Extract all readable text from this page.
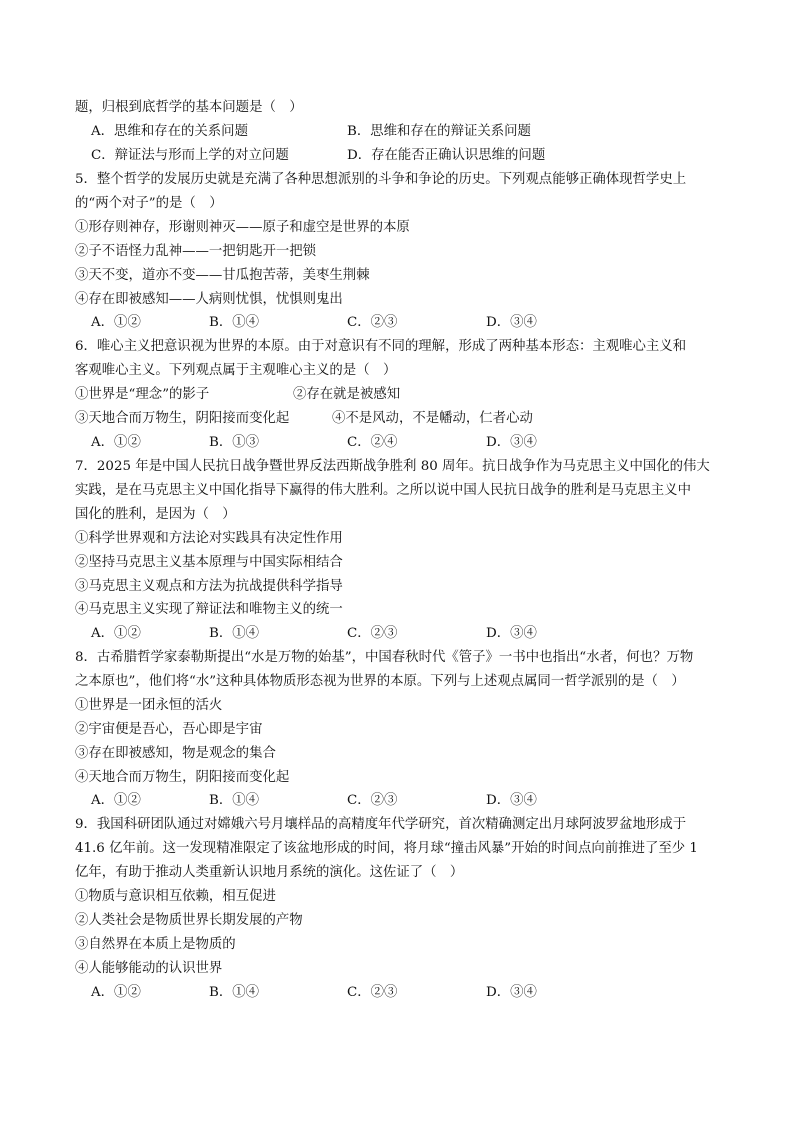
题，归根到底哲学的基本问题是（　）
A．思维和存在的关系问题	B．思维和存在的辩证关系问题
C．辩证法与形而上学的对立问题	D．存在能否正确认识思维的问题
5．整个哲学的发展历史就是充满了各种思想派别的斗争和争论的历史。下列观点能够正确体现哲学史上
的“两个对子”的是（　）
①形存则神存，形谢则神灭——原子和虚空是世界的本原
②子不语怪力乱神——一把钥匙开一把锁
③天不变，道亦不变——甘瓜抱苦蒂，美枣生荆棘
④存在即被感知——人病则忧惧，忧惧则鬼出
A．①②	B．①④	C．②③	D．③④
6．唯心主义把意识视为世界的本原。由于对意识有不同的理解，形成了两种基本形态：主观唯心主义和
客观唯心主义。下列观点属于主观唯心主义的是（　）
①世界是“理念”的影子	②存在就是被感知
③天地合而万物生，阴阳接而变化起	④不是风动，不是幡动，仁者心动
A．①②	B．①③	C．②④	D．③④
7．2025 年是中国人民抗日战争暨世界反法西斯战争胜利 80 周年。抗日战争作为马克思主义中国化的伟大
实践，是在马克思主义中国化指导下赢得的伟大胜利。之所以说中国人民抗日战争的胜利是马克思主义中
国化的胜利，是因为（　）
①科学世界观和方法论对实践具有决定性作用
②坚持马克思主义基本原理与中国实际相结合
③马克思主义观点和方法为抗战提供科学指导
④马克思主义实现了辩证法和唯物主义的统一
A．①②	B．①④	C．②③	D．③④
8．古希腊哲学家泰勒斯提出“水是万物的始基”，中国春秋时代《管子》一书中也指出“水者，何也？万物
之本原也”，他们将“水”这种具体物质形态视为世界的本原。下列与上述观点属同一哲学派别的是（　）
①世界是一团永恒的活火
②宇宙便是吾心，吾心即是宇宙
③存在即被感知，物是观念的集合
④天地合而万物生，阴阳接而变化起
A．①②	B．①④	C．②③	D．③④
9．我国科研团队通过对嫦娥六号月壤样品的高精度年代学研究，首次精确测定出月球阿波罗盆地形成于
41.6 亿年前。这一发现精准限定了该盆地形成的时间，将月球“撞击风暴”开始的时间点向前推进了至少 1
亿年，有助于推动人类重新认识地月系统的演化。这佐证了（　）
①物质与意识相互依赖，相互促进
②人类社会是物质世界长期发展的产物
③自然界在本质上是物质的
④人能够能动的认识世界
A．①②	B．①④	C．②③	D．③④
